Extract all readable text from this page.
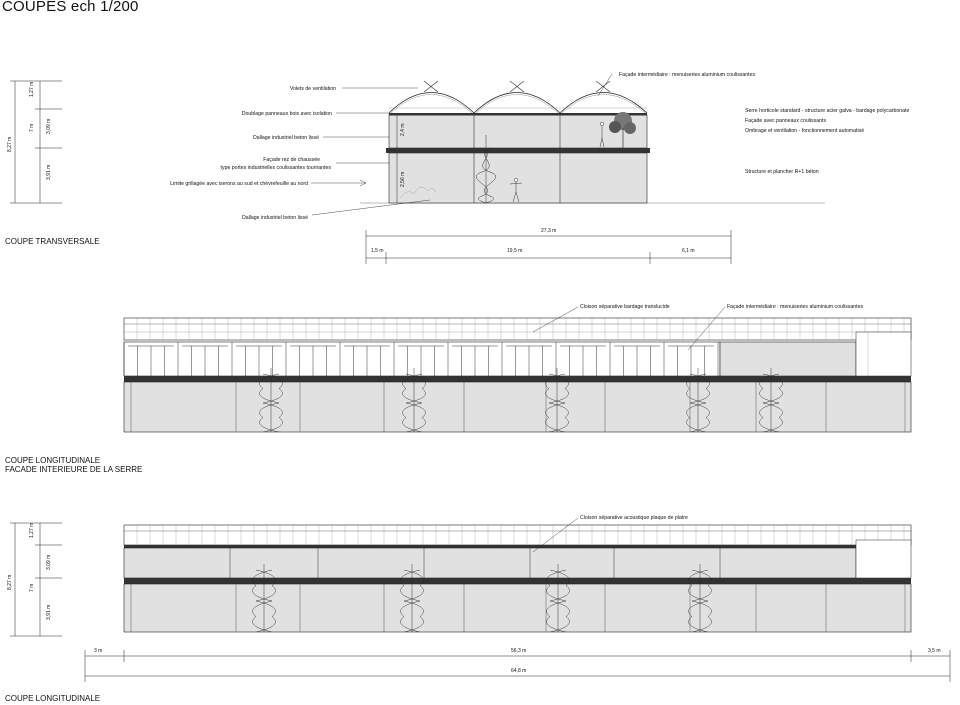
COUPES ech 1/200
COUPE TRANSVERSALE
COUPE LONGITUDINALE
FACADE INTERIEURE DE LA SERRE
COUPE LONGITUDINALE
1,27 m
3,09 m
7 m
3,91 m
8,27 m
2,4 m
2,56 m
27,3 m
1,5 m	19,5 m	6,1 m
Volets de ventilation
Doublage panneaux bois avec isolation
Dallage industriel beton lissé
Façade rez de chaussée
type portes industrielles coulissantes tournantes
Limite grillagée avec iserons au sud et chèvrefeuille au nord
Dallage industriel beton lissé
Façade intermédiaire : menuiseries aluminium coulissantes
Serre horticole standard - structure acier galva - bardage polycarbonate
Façade avec panneaux coulissants
Ombrage et ventilation - fonctionnement automatisé
Structure et plancher R+1 béton
Cloison séparative bardage translucide	Façade intermédiaire : menuiseries aluminium coulissantes
Cloison séparative acoustique plaque de platre
1,27 m
3,09 m
7 m
3,91 m
8,27 m
3 m	56,3 m	3,5 m
64,8 m
